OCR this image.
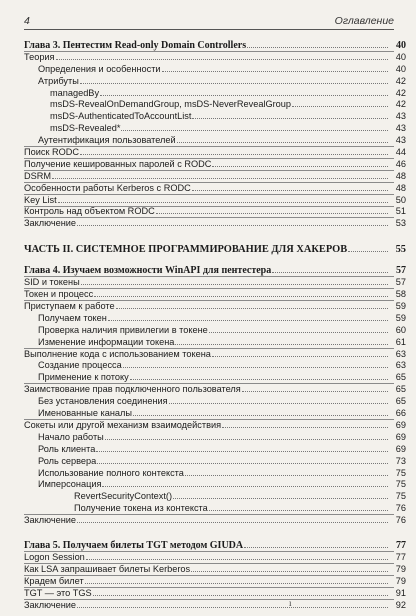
4	Оглавление
Глава 3. Пентестим Read-only Domain Controllers	40
Теория	40
Определения и особенности	40
Атрибуты	42
managedBy	42
msDS-RevealOnDemandGroup, msDS-NeverRevealGroup	42
msDS-AuthenticatedToAccountList	43
msDS-Revealed*	43
Аутентификация пользователей	43
Поиск RODC	44
Получение кешированных паролей с RODC	46
DSRM	48
Особенности работы Kerberos с RODC	48
Key List	50
Контроль над объектом RODC	51
Заключение	53
ЧАСТЬ II. СИСТЕМНОЕ ПРОГРАММИРОВАНИЕ ДЛЯ ХАКЕРОВ	55
Глава 4. Изучаем возможности WinAPI для пентестера	57
SID и токены	57
Токен и процесс	58
Приступаем к работе	59
Получаем токен	59
Проверка наличия привилегии в токене	60
Изменение информации токена	61
Выполнение кода с использованием токена	63
Создание процесса	63
Применение к потоку	65
Заимствование прав подключенного пользователя	65
Без установления соединения	65
Именованные каналы	66
Сокеты или другой механизм взаимодействия	69
Начало работы	69
Роль клиента	69
Роль сервера	73
Использование полного контекста	75
Имперсонация	75
RevertSecurityContext()	75
Получение токена из контекста	76
Заключение	76
Глава 5. Получаем билеты TGT методом GIUDA	77
Logon Session	77
Как LSA запрашивает билеты Kerberos	79
Крадем билет	79
TGT — это TGS	91
Заключение	92
ı
